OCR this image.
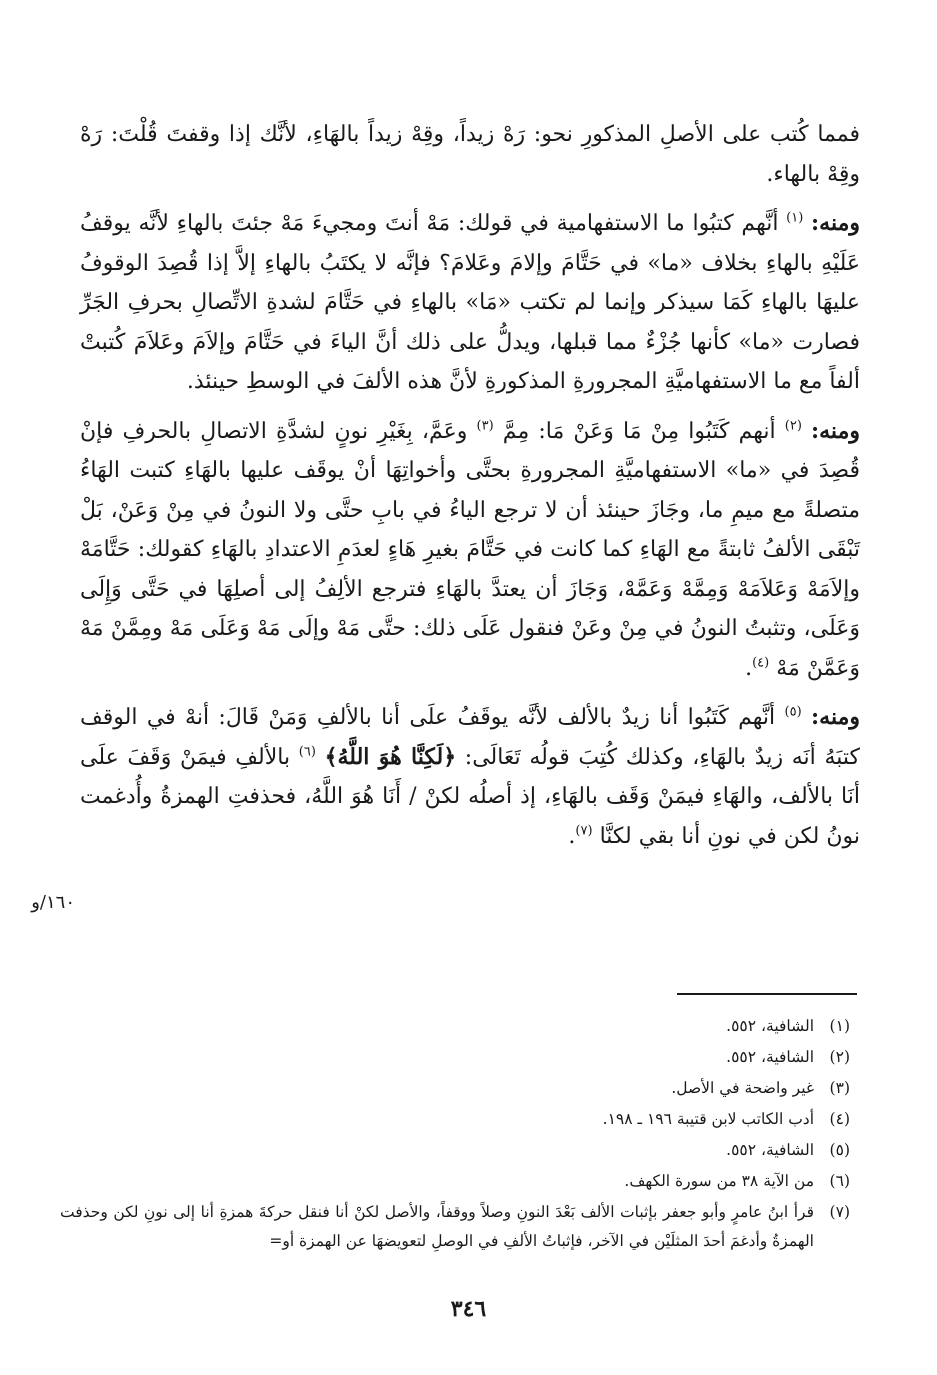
فمما كُتب على الأصلِ المذكورِ نحو: رَهْ زيداً، وقِهْ زيداً بالهَاءِ، لأنَّك إذا وقفتَ قُلْتَ: رَهْ وقِهْ بالهاء.

ومنه: $^{(١)}$ أنَّهم كتبُوا ما الاستفهامية في قولك: مَهْ أنتَ ومجيءَ مَهْ جئتَ بالهاءِ لأنَّه يوقفُ عَلَيْهِ بالهاءِ بخلاف «ما» في حَتَّامَ وإلامَ وعَلامَ؟ فإنَّه لا يكتَبُ بالهاءِ إلاَّ إذا قُصِدَ الوقوفُ عليهَا بالهاءِ كَمَا سيذكر وإنما لم تكتب «مَا» بالهاءِ في حَتَّامَ لشدةِ الاتِّصالِ بحرفِ الجَرِّ فصارت «ما» كأنها جُزْءٌ مما قبلها، ويدلُّ على ذلك أنَّ الياءَ في حَتَّامَ وإلاَمَ وعَلاَمَ كُتبتْ ألفاً مع ما الاستفهاميَّةِ المجرورةِ المذكورةِ لأنَّ هذه الألفَ في الوسطِ حينئذ.

ومنه: $^{(٢)}$ أنهم كَتَبُوا مِنْ مَا وَعَنْ مَا: مِمَّ $^{(٣)}$ وعَمَّ، بِغَيْرِ نونٍ لشدَّةِ الاتصالِ بالحرفِ فإنْ قُصِدَ في «ما» الاستفهاميَّةِ المجرورةِ بحتَّى وأخواتِهَا أنْ يوقَف عليها بالهَاءِ كتبت الهَاءُ متصلةً مع ميمِ ما، وجَازَ حينئذ أن لا ترجع الياءُ في بابِ حتَّى ولا النونُ في مِنْ وَعَنْ، بَلْ تَبْقَى الألفُ ثابتةً مع الهَاءِ كما كانت في حَتَّامَ بغيرِ هَاءٍ لعدَمِ الاعتدادِ بالهَاءِ كقولك: حَتَّامَهْ وإلاَمَهْ وَعَلاَمَهْ وَمِمَّهْ وَعَمَّهْ، وَجَازَ أن يعتدَّ بالهَاءِ فترجع الألِفُ إلى أصلِهَا في حَتَّى وَإِلَى وَعَلَى، وتثبتُ النونُ في مِنْ وعَنْ فنقول عَلَى ذلك: حتَّى مَهْ وإلَى مَهْ وَعَلَى مَهْ ومِمَّنْ مَهْ وَعَمَّنْ مَهْ $^{(٤)}$.

ومنه: $^{(٥)}$ أنَّهم كَتَبُوا أنا زيدٌ بالألف لأنَّه يوقَفُ علَى أنا بالألفِ وَمَنْ قَالَ: أنهْ في الوقف كتبَهُ أنَه زيدٌ بالهَاءِ، وكذلك كُتِبَ قولُه تَعَالَى: ﴿لَكِنَّا هُوَ اللَّهُ﴾ $^{(٦)}$ بالألفِ فيمَنْ وَقَفَ علَى أنَا بالألف، والهَاءِ فيمَنْ وَقَف بالهَاءِ، إذ أصلُه لكنْ / أَنَا هُوَ اللَّهُ، فحذفتِ الهمزةُ وأُدغمت نونُ لكن في نونِ أنا بقي لكنَّا $^{(٧)}$.

١٦٠/و
(١)
الشافية، ٥٥٢.
(٢)
الشافية، ٥٥٢.
(٣)
غير واضحة في الأصل.
(٤)
أدب الكاتب لابن قتيبة ١٩٦ ـ ١٩٨.
(٥)
الشافية، ٥٥٢.
(٦)
من الآية ٣٨ من سورة الكهف.
(٧)
قرأ ابنُ عامرٍ وأبو جعفر بإثبات الألف بَعْدَ النونِ وصلاً ووقفاً، والأصل لكنْ أنا فنقل حركةَ همزةِ أنا إلى نونِ لكن وحذفت الهمزةُ وأدغمَ أحدَ المثلَيْن في الآخر، فإثباتُ الألفِ في الوصلِ لتعويضهَا عن الهمزة أو=
٣٤٦
